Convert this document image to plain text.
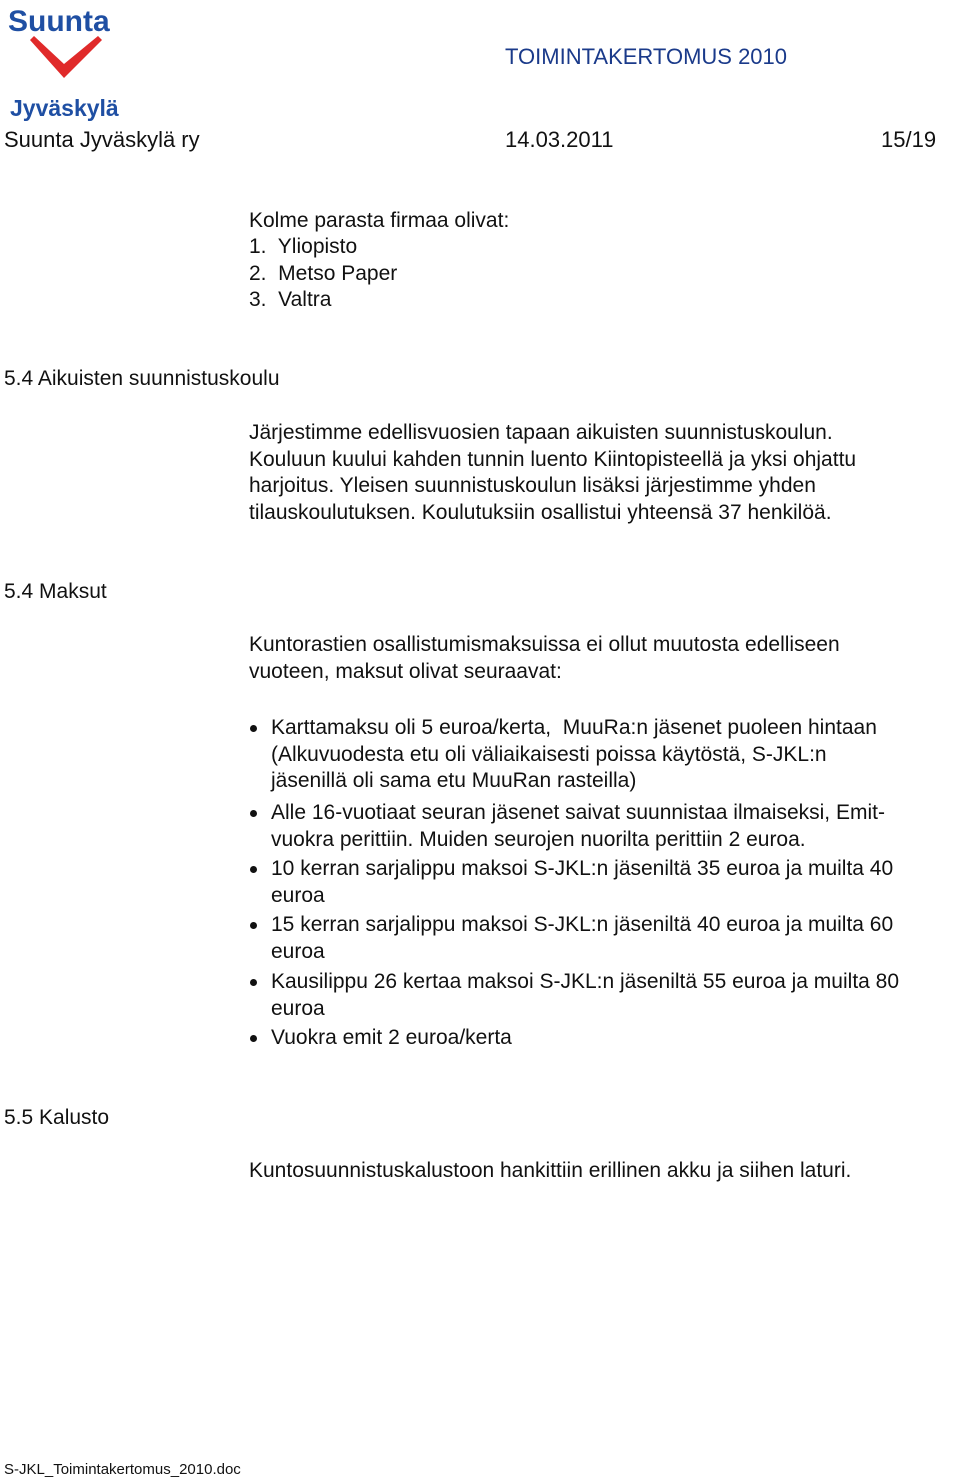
Suunta
Jyväskylä
TOIMINTAKERTOMUS 2010
Suunta Jyväskylä ry	14.03.2011	15/19
Kolme parasta firmaa olivat:
1.  Yliopisto
2.  Metso Paper
3.  Valtra
5.4 Aikuisten suunnistuskoulu
Järjestimme edellisvuosien tapaan aikuisten suunnistuskoulun.
Kouluun kuului kahden tunnin luento Kiintopisteellä ja yksi ohjattu
harjoitus. Yleisen suunnistuskoulun lisäksi järjestimme yhden
tilauskoulutuksen. Koulutuksiin osallistui yhteensä 37 henkilöä.
5.4 Maksut
Kuntorastien osallistumismaksuissa ei ollut muutosta edelliseen
vuoteen, maksut olivat seuraavat:
Karttamaksu oli 5 euroa/kerta,  MuuRa:n jäsenet puoleen hintaan
(Alkuvuodesta etu oli väliaikaisesti poissa käytöstä, S-JKL:n
jäsenillä oli sama etu MuuRan rasteilla)
Alle 16-vuotiaat seuran jäsenet saivat suunnistaa ilmaiseksi, Emit-
vuokra perittiin. Muiden seurojen nuorilta perittiin 2 euroa.
10 kerran sarjalippu maksoi S-JKL:n jäseniltä 35 euroa ja muilta 40
euroa
15 kerran sarjalippu maksoi S-JKL:n jäseniltä 40 euroa ja muilta 60
euroa
Kausilippu 26 kertaa maksoi S-JKL:n jäseniltä 55 euroa ja muilta 80
euroa
Vuokra emit 2 euroa/kerta
5.5 Kalusto
Kuntosuunnistuskalustoon hankittiin erillinen akku ja siihen laturi.
S-JKL_Toimintakertomus_2010.doc
